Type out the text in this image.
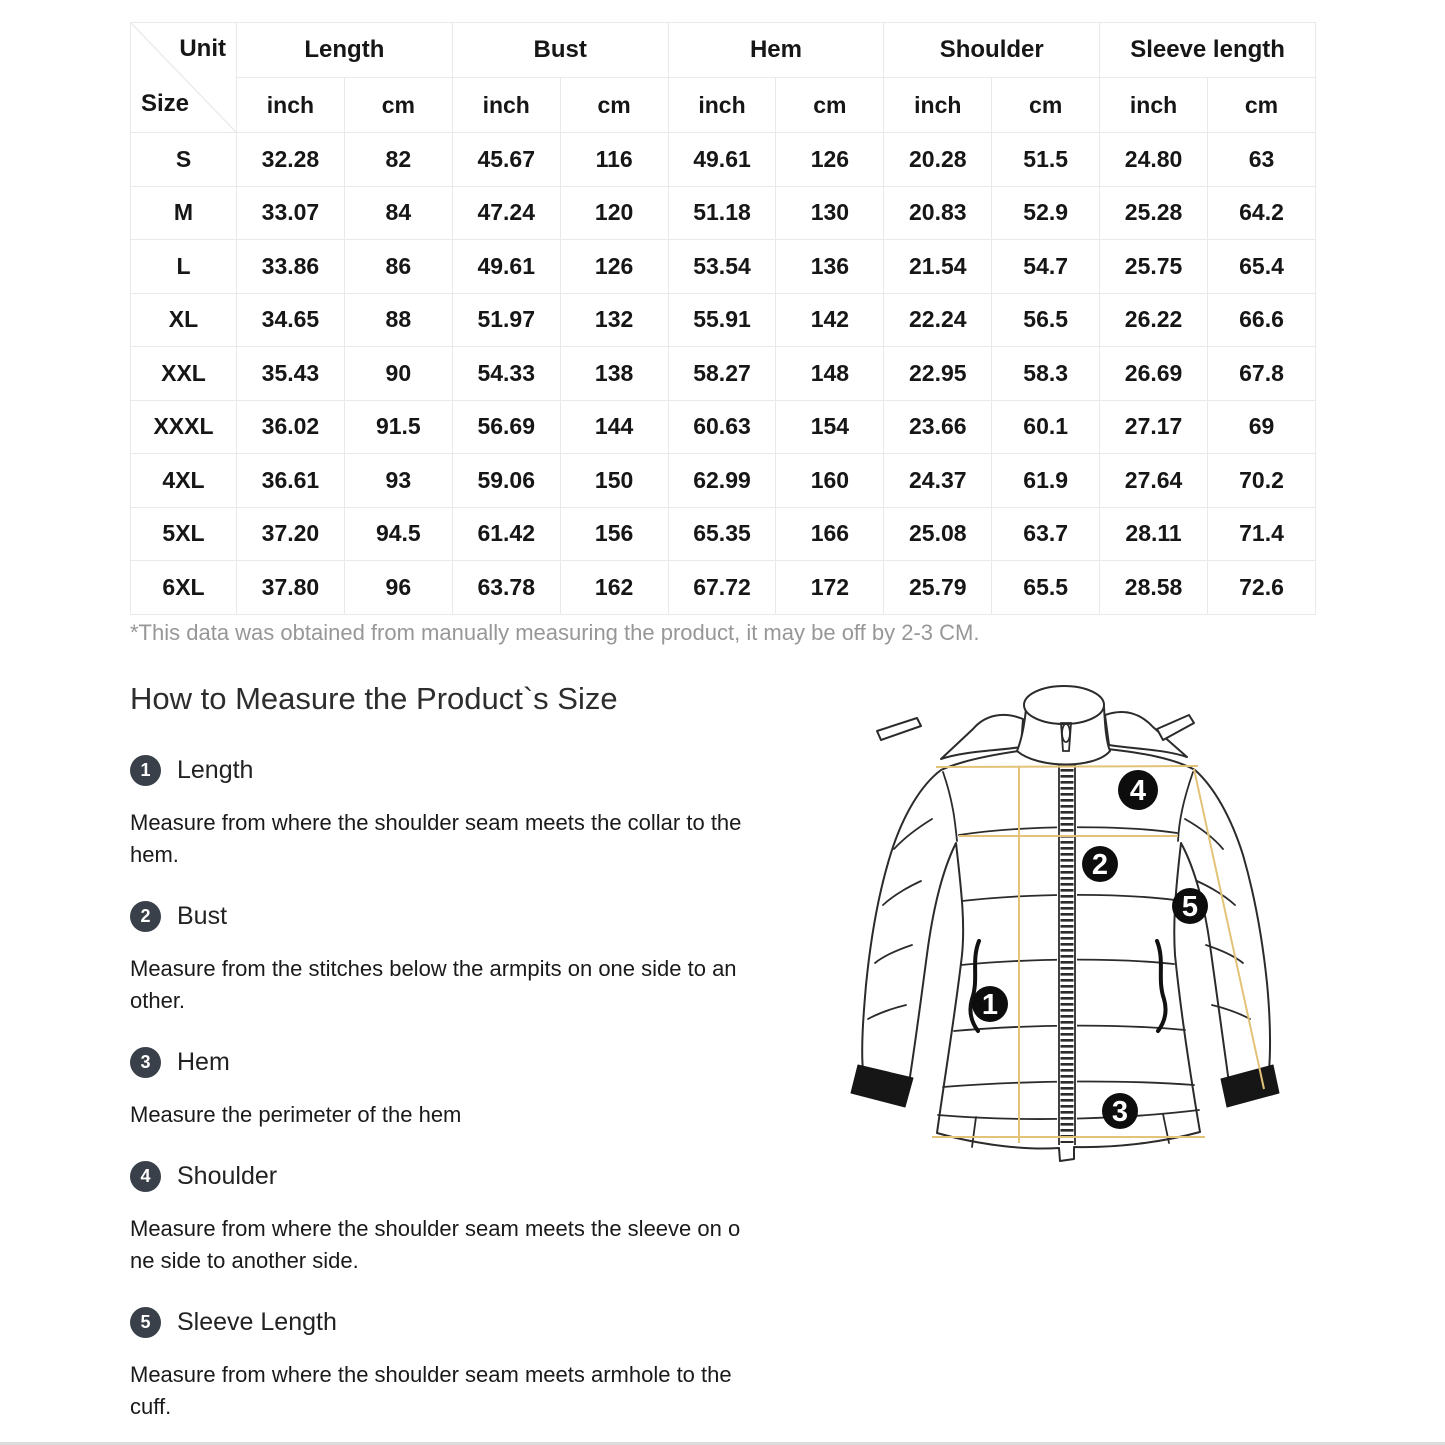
Unit
Size	Length		Bust		Hem		Shoulder		Sleeve length	
	inch	cm	inch	cm	inch	cm	inch	cm	inch	cm
S	32.28	82	45.67	116	49.61	126	20.28	51.5	24.80	63
M	33.07	84	47.24	120	51.18	130	20.83	52.9	25.28	64.2
L	33.86	86	49.61	126	53.54	136	21.54	54.7	25.75	65.4
XL	34.65	88	51.97	132	55.91	142	22.24	56.5	26.22	66.6
XXL	35.43	90	54.33	138	58.27	148	22.95	58.3	26.69	67.8
XXXL	36.02	91.5	56.69	144	60.63	154	23.66	60.1	27.17	69
4XL	36.61	93	59.06	150	62.99	160	24.37	61.9	27.64	70.2
5XL	37.20	94.5	61.42	156	65.35	166	25.08	63.7	28.11	71.4
6XL	37.80	96	63.78	162	67.72	172	25.79	65.5	28.58	72.6
*This data was obtained from manually measuring the product, it may be off by 2-3 CM.
How to Measure the Product`s Size
1	Length
Measure from where the shoulder seam meets the collar to the
hem.
2	Bust
Measure from the stitches below the armpits on one side to an
other.
3	Hem
Measure the perimeter of the hem
4	Shoulder
Measure from where the shoulder seam meets the sleeve on o
ne side to another side.
5	Sleeve Length
Measure from where the shoulder seam meets armhole to the
cuff.
1
2
3
4
5
